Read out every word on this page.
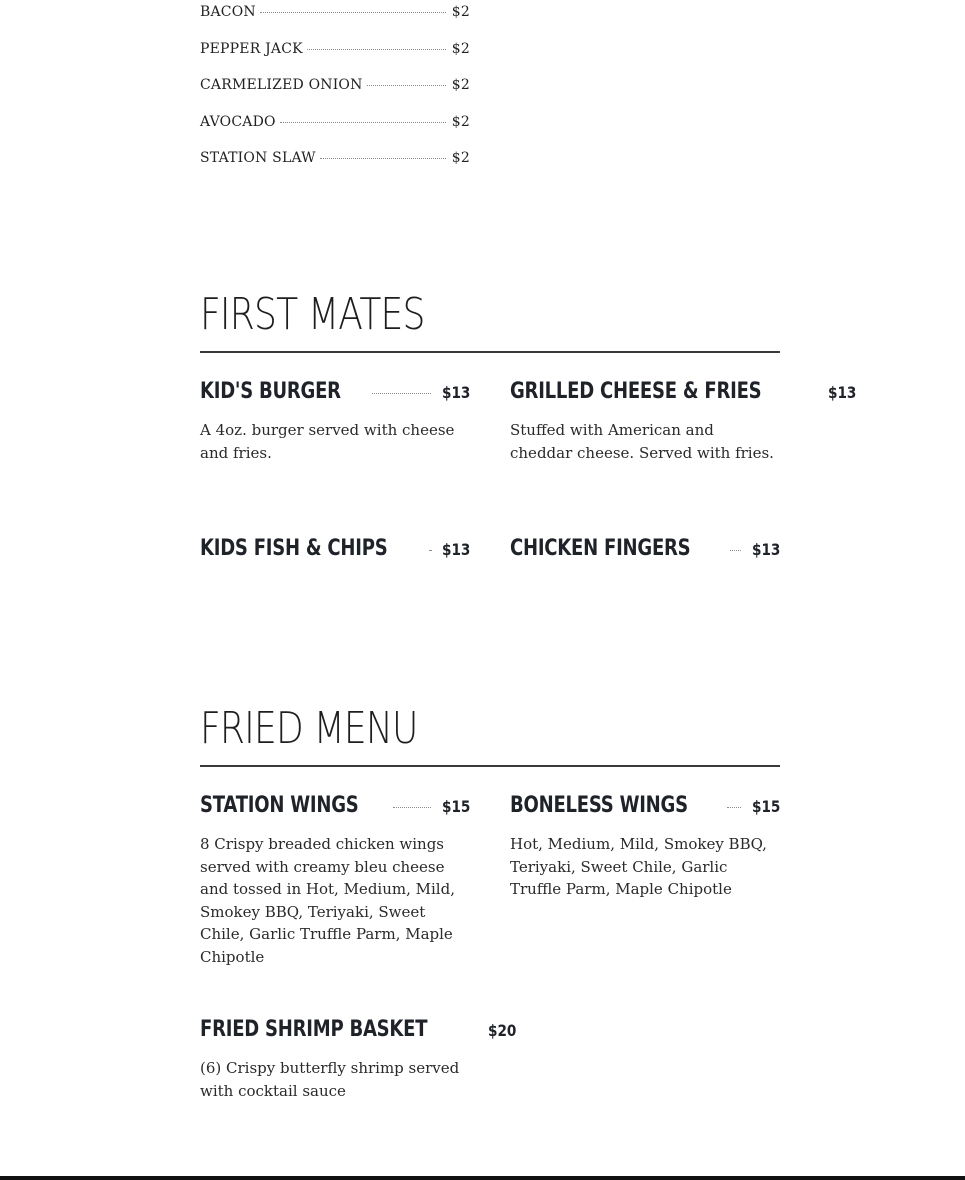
BACON	$2
PEPPER JACK	$2
CARMELIZED ONION	$2
AVOCADO	$2
STATION SLAW	$2
FIRST MATES
KID'S BURGER	$13
A 4oz. burger served with cheese and fries.
GRILLED CHEESE & FRIES	$13
Stuffed with American and cheddar cheese. Served with fries.
KIDS FISH & CHIPS	$13 CHICKEN FINGERS	$13
FRIED MENU
STATION WINGS	$15
8 Crispy breaded chicken wings served with creamy bleu cheese and tossed in Hot, Medium, Mild, Smokey BBQ, Teriyaki, Sweet Chile, Garlic Truffle Parm, Maple Chipotle
BONELESS WINGS	$15
Hot, Medium, Mild, Smokey BBQ, Teriyaki, Sweet Chile, Garlic Truffle Parm, Maple Chipotle
FRIED SHRIMP BASKET	$20
(6) Crispy butterfly shrimp served with cocktail sauce
